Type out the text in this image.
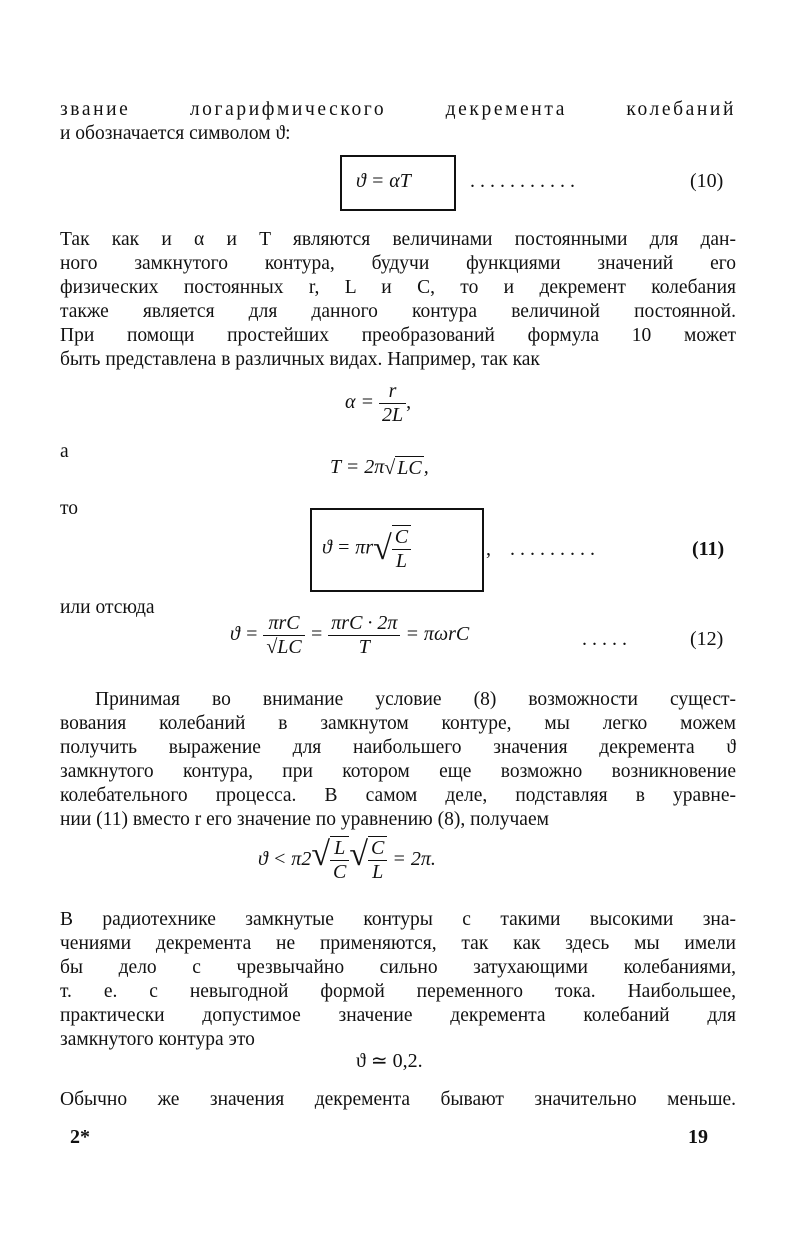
звание логарифмического декремента колебаний
и обозначается символом ϑ:
ϑ = αT	. . . . . . . . . . .	(10)
Так как и α и T являются величинами постоянными для дан-
ного замкнутого контура, будучи функциями значений его
физических постоянных r, L и C, то и декремент колебания
также является для данного контура величиной постоянной.
При помощи простейших преобразований формула 10 может
быть представлена в различных видах. Например, так как
$\alpha = \frac{r}{2L}$ ,
а
T = 2π√ LC ,
то
$ϑ = \pi r√ \frac{C}{L}$	, . . . . . . . . .	(11)
или отсюда
$ϑ = \frac{\text{πrC}}{√LC} = \frac{\text{πrC · 2π}}{T} = \pi\omega rC$	. . . . .	(12)
Принимая во внимание условие (8) возможности сущест-
вования колебаний в замкнутом контуре, мы легко можем
получить выражение для наибольшего значения декремента ϑ
замкнутого контура, при котором еще возможно возникновение
колебательного процесса. В самом деле, подставляя в уравне-
нии (11) вместо r его значение по уравнению (8), получаем
$ϑ < \pi 2√ \frac{L}{C}$ √ $\frac{C}{L} = 2\pi$.
В радиотехнике замкнутые контуры с такими высокими зна-
чениями декремента не применяются, так как здесь мы имели
бы дело с чрезвычайно сильно затухающими колебаниями,
т. е. с невыгодной формой переменного тока. Наибольшее,
практически допустимое значение декремента колебаний для
замкнутого контура это
ϑ ≃ 0,2.
Обычно же значения декремента бывают значительно меньше.
2*	19
